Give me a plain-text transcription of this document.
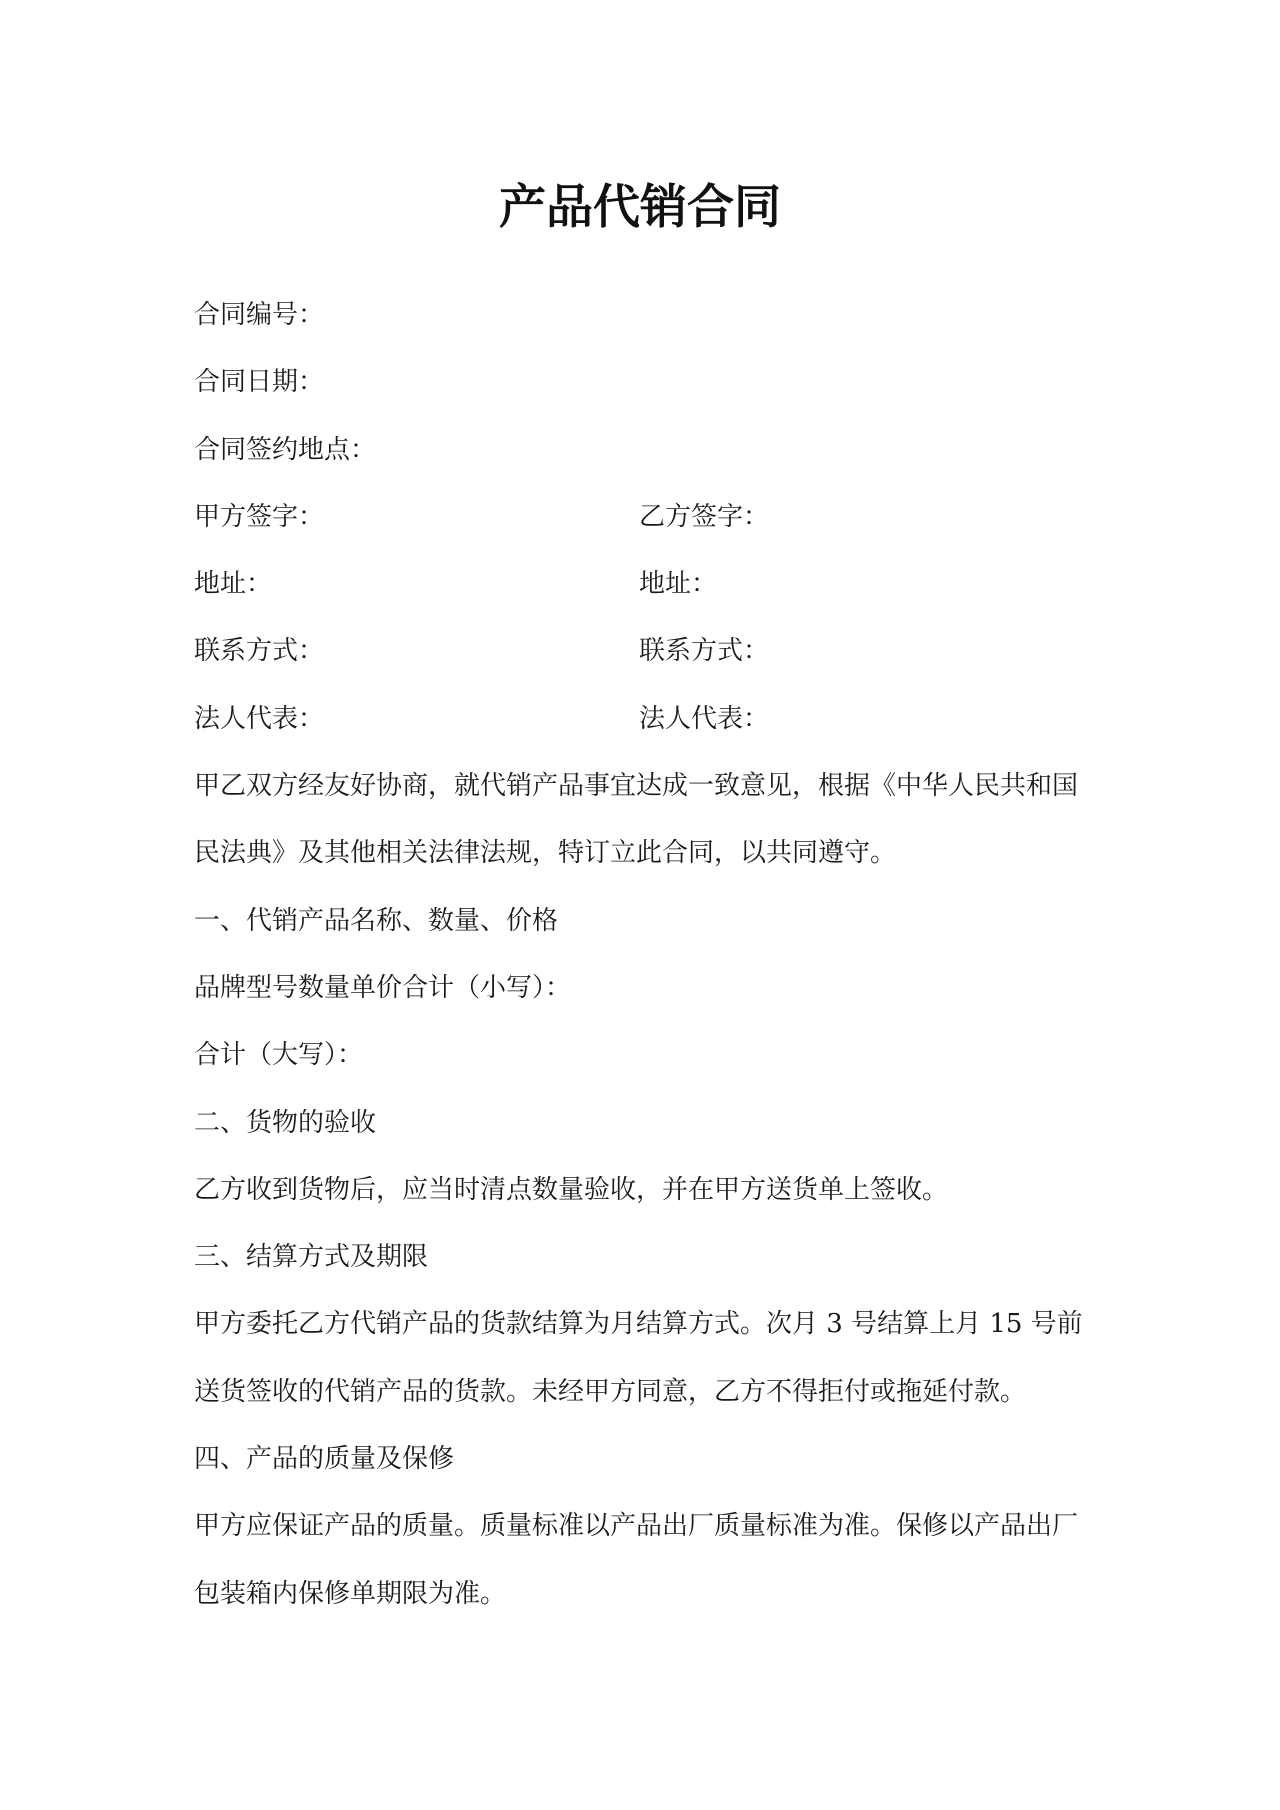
产品代销合同
合同编号：
合同日期：
合同签约地点：
甲方签字：	乙方签字：
地址：	地址：
联系方式：	联系方式：
法人代表：	法人代表：
甲乙双方经友好协商，就代销产品事宜达成一致意见，根据《中华人民共和国
民法典》及其他相关法律法规，特订立此合同，以共同遵守。
一、代销产品名称、数量、价格
品牌型号数量单价合计（小写）：
合计（大写）：
二、货物的验收
乙方收到货物后，应当时清点数量验收，并在甲方送货单上签收。
三、结算方式及期限
甲方委托乙方代销产品的货款结算为月结算方式。次月 3 号结算上月 15 号前
送货签收的代销产品的货款。未经甲方同意，乙方不得拒付或拖延付款。
四、产品的质量及保修
甲方应保证产品的质量。质量标准以产品出厂质量标准为准。保修以产品出厂
包装箱内保修单期限为准。
